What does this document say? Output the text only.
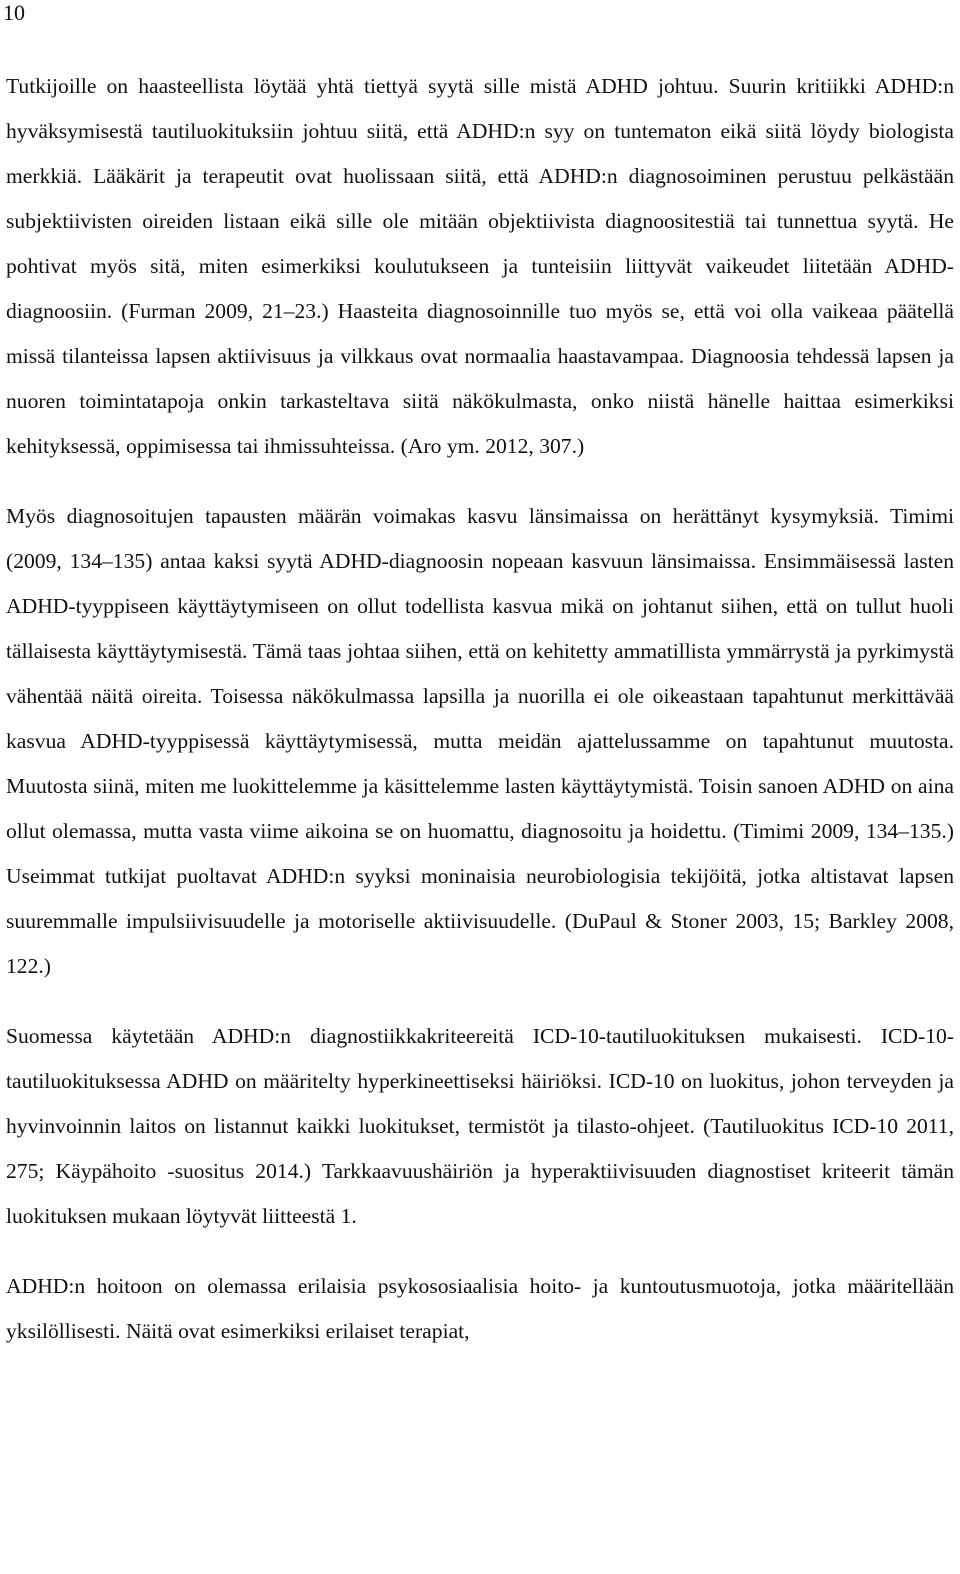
10

Tutkijoille on haasteellista löytää yhtä tiettyä syytä sille mistä ADHD johtuu. Suurin kritiikki ADHD:n hyväksymisestä tautiluokituksiin johtuu siitä, että ADHD:n syy on tuntematon eikä siitä löydy biologista merkkiä. Lääkärit ja terapeutit ovat huolissaan siitä, että ADHD:n diagnosoiminen perustuu pelkästään subjektiivisten oireiden listaan eikä sille ole mitään objektiivista diagnoositestiä tai tunnettua syytä. He pohtivat myös sitä, miten esimerkiksi koulutukseen ja tunteisiin liittyvät vaikeudet liitetään ADHD-diagnoosiin. (Furman 2009, 21–23.) Haasteita diagnosoinnille tuo myös se, että voi olla vaikeaa päätellä missä tilanteissa lapsen aktiivisuus ja vilkkaus ovat normaalia haastavampaa. Diagnoosia tehdessä lapsen ja nuoren toimintatapoja onkin tarkasteltava siitä näkökulmasta, onko niistä hänelle haittaa esimerkiksi kehityksessä, oppimisessa tai ihmissuhteissa. (Aro ym. 2012, 307.)

Myös diagnosoitujen tapausten määrän voimakas kasvu länsimaissa on herättänyt kysymyksiä. Timimi (2009, 134–135) antaa kaksi syytä ADHD-diagnoosin nopeaan kasvuun länsimaissa. Ensimmäisessä lasten ADHD-tyyppiseen käyttäytymiseen on ollut todellista kasvua mikä on johtanut siihen, että on tullut huoli tällaisesta käyttäytymisestä. Tämä taas johtaa siihen, että on kehitetty ammatillista ymmärrystä ja pyrkimystä vähentää näitä oireita. Toisessa näkökulmassa lapsilla ja nuorilla ei ole oikeastaan tapahtunut merkittävää kasvua ADHD-tyyppisessä käyttäytymisessä, mutta meidän ajattelussamme on tapahtunut muutosta. Muutosta siinä, miten me luokittelemme ja käsittelemme lasten käyttäytymistä. Toisin sanoen ADHD on aina ollut olemassa, mutta vasta viime aikoina se on huomattu, diagnosoitu ja hoidettu. (Timimi 2009, 134–135.) Useimmat tutkijat puoltavat ADHD:n syyksi moninaisia neurobiologisia tekijöitä, jotka altistavat lapsen suuremmalle impulsiivisuudelle ja motoriselle aktiivisuudelle. (DuPaul & Stoner 2003, 15; Barkley 2008, 122.)

Suomessa käytetään ADHD:n diagnostiikkakriteereitä ICD-10-tautiluokituksen mukaisesti. ICD-10-tautiluokituksessa ADHD on määritelty hyperkineettiseksi häiriöksi. ICD-10 on luokitus, johon terveyden ja hyvinvoinnin laitos on listannut kaikki luokitukset, termistöt ja tilasto-ohjeet. (Tautiluokitus ICD-10 2011, 275; Käypähoito -suositus 2014.) Tarkkaavuushäiriön ja hyperaktiivisuuden diagnostiset kriteerit tämän luokituksen mukaan löytyvät liitteestä 1.

ADHD:n hoitoon on olemassa erilaisia psykososiaalisia hoito- ja kuntoutusmuotoja, jotka määritellään yksilöllisesti. Näitä ovat esimerkiksi erilaiset terapiat,
